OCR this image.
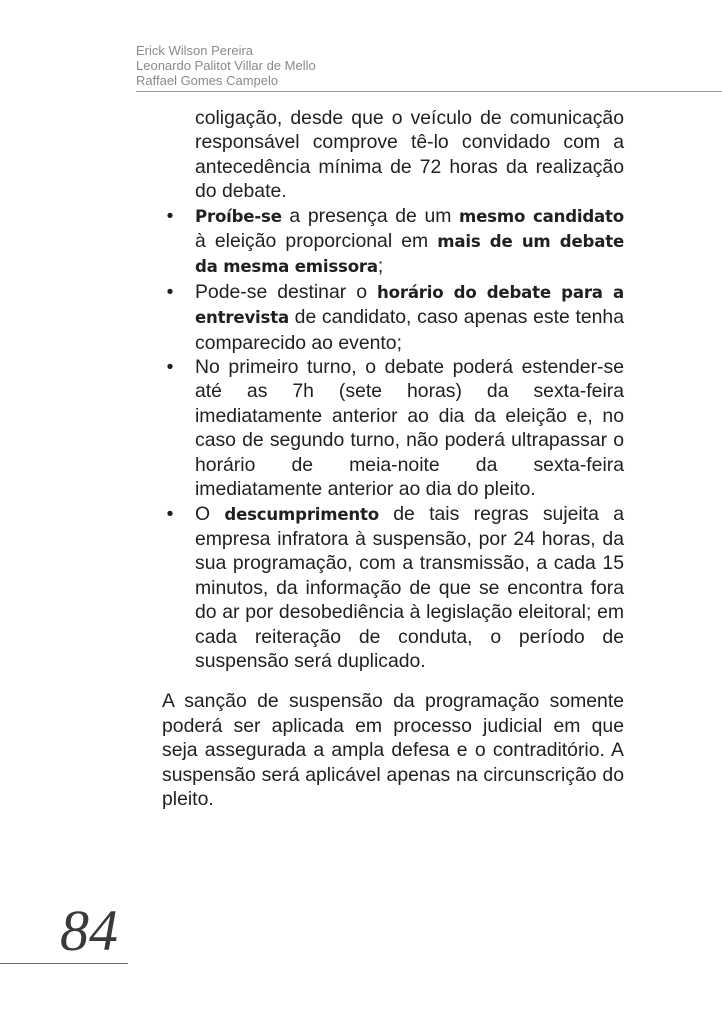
Erick Wilson Pereira
Leonardo Palitot Villar de Mello
Raffael Gomes Campelo

coligação, desde que o veículo de comunicação responsável comprove tê-lo convidado com a antecedência mínima de 72 horas da realização do debate.

• Proíbe-se a presença de um mesmo candidato à eleição proporcional em mais de um debate da mesma emissora;
• Pode-se destinar o horário do debate para a entrevista de candidato, caso apenas este tenha comparecido ao evento;
• No primeiro turno, o debate poderá estender-se até as 7h (sete horas) da sexta-feira imediatamente anterior ao dia da eleição e, no caso de segundo turno, não poderá ultrapassar o horário de meia-noite da sexta-feira imediatamente anterior ao dia do pleito.
• O descumprimento de tais regras sujeita a empresa infratora à suspensão, por 24 horas, da sua programação, com a transmissão, a cada 15 minutos, da informação de que se encontra fora do ar por desobediência à legislação eleitoral; em cada reiteração de conduta, o período de suspensão será duplicado.

A sanção de suspensão da programação somente poderá ser aplicada em processo judicial em que seja assegurada a ampla defesa e o contraditório. A suspensão será aplicável apenas na circunscrição do pleito.

84
